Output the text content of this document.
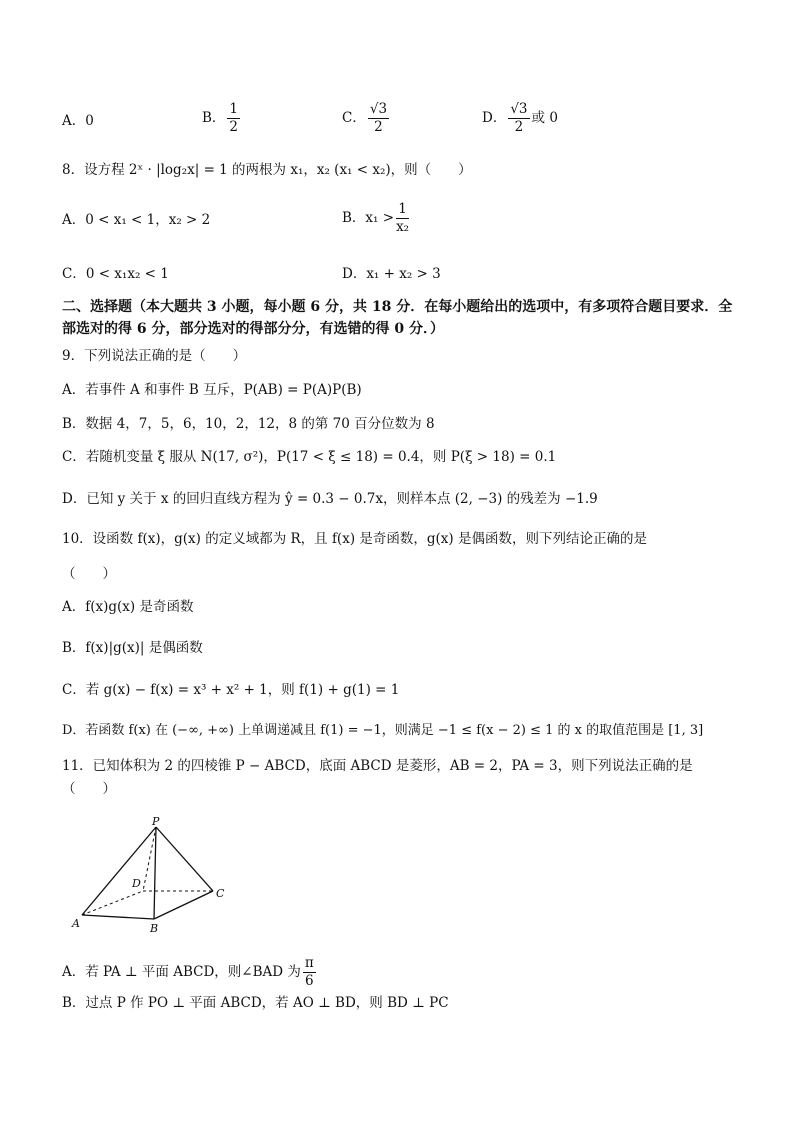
A．0	B． $\frac{1}{2}$	C． $\frac{√3}{2}$	D． $\frac{√3}{2}$ 或 0
8．设方程 2ˣ · |log₂x| = 1 的两根为 x₁，x₂ (x₁ < x₂)，则（　　）
A．0 < x₁ < 1，x₂ > 2	B．$x_1 > \frac{1}{\text{x₂}}$
C．0 < x₁x₂ < 1	D．x₁ + x₂ > 3
二、选择题（本大题共 3 小题，每小题 6 分，共 18 分．在每小题给出的选项中，有多项符合题目要求．全部选对的得 6 分，部分选对的得部分分，有选错的得 0 分．）
9．下列说法正确的是（　　）
A．若事件 A 和事件 B 互斥，P(AB) = P(A)P(B)
B．数据 4，7，5，6，10，2，12，8 的第 70 百分位数为 8
C．若随机变量 ξ 服从 N(17, σ²)，P(17 < ξ ≤ 18) = 0.4，则 P(ξ > 18) = 0.1
D．已知 y 关于 x 的回归直线方程为 ŷ = 0.3 − 0.7x，则样本点 (2, −3) 的残差为 −1.9
10．设函数 f(x)，g(x) 的定义域都为 R，且 f(x) 是奇函数，g(x) 是偶函数，则下列结论正确的是
（　　）
A．f(x)g(x) 是奇函数
B．f(x)|g(x)| 是偶函数
C．若 g(x) − f(x) = x³ + x² + 1，则 f(1) + g(1) = 1
D．若函数 f(x) 在 (−∞, +∞) 上单调递减且 f(1) = −1，则满足 −1 ≤ f(x − 2) ≤ 1 的 x 的取值范围是 [1, 3]
11．已知体积为 2 的四棱锥 P − ABCD，底面 ABCD 是菱形，AB = 2，PA = 3，则下列说法正确的是
（　　）
P
A	B
C
D
A．若 PA ⊥ 平面 ABCD，则∠BAD 为 $\frac{\pi}{6}$
B．过点 P 作 PO ⊥ 平面 ABCD，若 AO ⊥ BD，则 BD ⊥ PC
